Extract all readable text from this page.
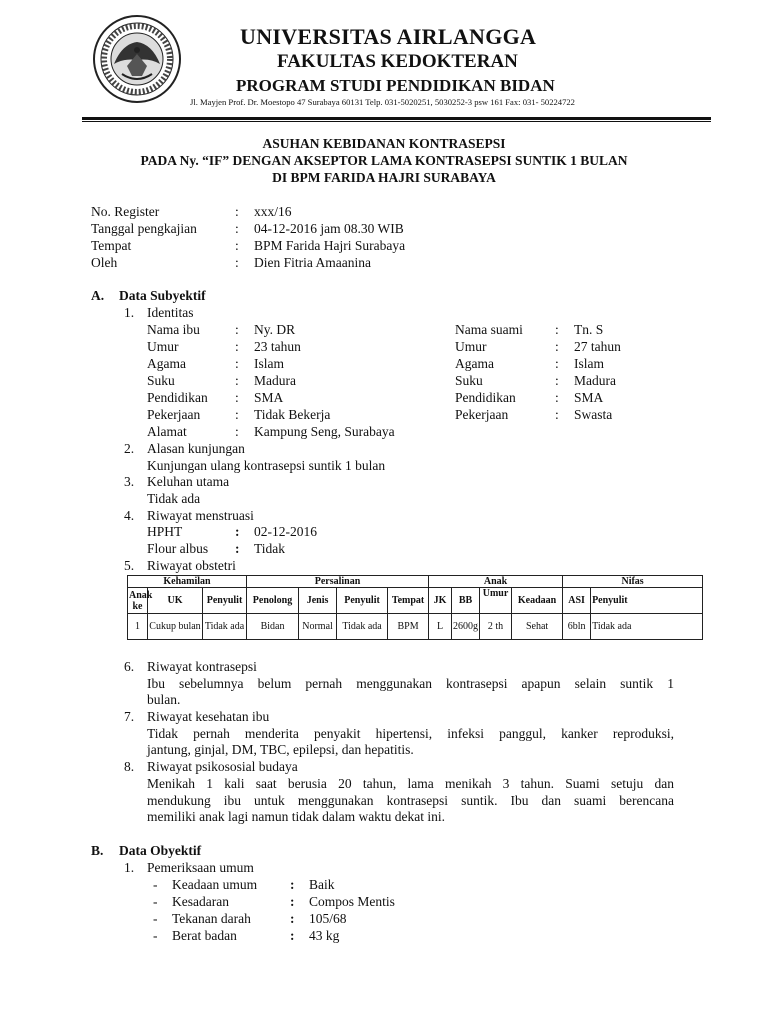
UNIVERSITAS AIRLANGGA
FAKULTAS KEDOKTERAN
PROGRAM STUDI PENDIDIKAN BIDAN
Jl. Mayjen Prof. Dr. Moestopo 47 Surabaya 60131 Telp. 031-5020251, 5030252-3 psw 161 Fax: 031- 50224722
ASUHAN KEBIDANAN KONTRASEPSI
PADA Ny. “IF” DENGAN AKSEPTOR LAMA KONTRASEPSI SUNTIK 1 BULAN
DI BPM FARIDA HAJRI SURABAYA
No. Register	: xxx/16
Tanggal pengkajian	: 04-12-2016 jam 08.30 WIB
Tempat	: BPM Farida Hajri Surabaya
Oleh	: Dien Fitria Amaanina
A. Data Subyektif
1. Identitas
Nama ibu	: Ny. DR
Umur	: 23 tahun
Agama	: Islam
Suku	: Madura
Pendidikan : SMA
Pekerjaan	: Tidak Bekerja
Alamat	: Kampung Seng, Surabaya
Nama suami : Tn. S
Umur	: 27 tahun
Agama	: Islam
Suku	: Madura
Pendidikan	: SMA
Pekerjaan	: Swasta
2. Alasan kunjungan
Kunjungan ulang kontrasepsi suntik 1 bulan
3. Keluhan utama
Tidak ada
4. Riwayat menstruasi
HPHT	: 02-12-2016
Flour albus : Tidak
5. Riwayat obstetri
Kehamilan			Persalinan				Anak				Nifas	
Anak ke	UK	Penyulit	Penolong	Jenis	Penyulit	Tempat	JK	BB	Umur	Keadaan	ASI	Penyulit
1	Cukup bulan	Tidak ada	Bidan	Normal	Tidak ada	BPM	L	2600g	2 th	Sehat	6bln	Tidak ada
6. Riwayat kontrasepsi
Ibu sebelumnya belum pernah menggunakan kontrasepsi apapun selain suntik 1
bulan.
7. Riwayat kesehatan ibu
Tidak pernah menderita penyakit hipertensi, infeksi panggul, kanker reproduksi,
jantung, ginjal, DM, TBC, epilepsi, dan hepatitis.
8. Riwayat psikososial budaya
Menikah 1 kali saat berusia 20 tahun, lama menikah 3 tahun. Suami setuju dan
mendukung ibu untuk menggunakan kontrasepsi suntik. Ibu dan suami berencana
memiliki anak lagi namun tidak dalam waktu dekat ini.
B. Data Obyektif
1. Pemeriksaan umum
- Keadaan umum : Baik
- Kesadaran	: Compos Mentis
- Tekanan darah	: 105/68
- Berat badan	: 43 kg
